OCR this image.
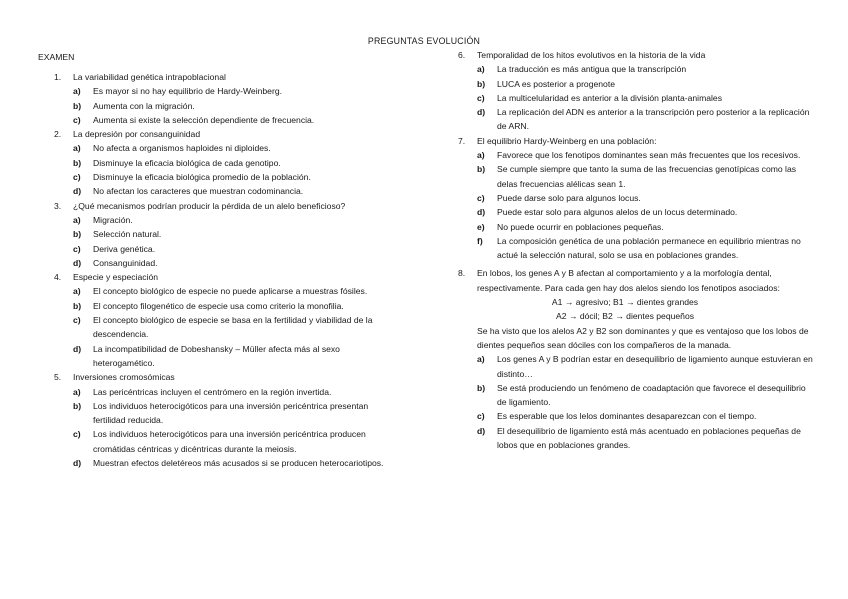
PREGUNTAS EVOLUCIÓN
EXAMEN
1. La variabilidad genética intrapoblacional
a) Es mayor si no hay equilibrio de Hardy-Weinberg.
b) Aumenta con la migración.
c) Aumenta si existe la selección dependiente de frecuencia.
2. La depresión por consanguinidad
a) No afecta a organismos haploides ni diploides.
b) Disminuye la eficacia biológica de cada genotipo.
c) Disminuye la eficacia biológica promedio de la población.
d) No afectan los caracteres que muestran codominancia.
3. ¿Qué mecanismos podrían producir la pérdida de un alelo beneficioso?
a) Migración.
b) Selección natural.
c) Deriva genética.
d) Consanguinidad.
4. Especie y especiación
a) El concepto biológico de especie no puede aplicarse a muestras fósiles.
b) El concepto filogenético de especie usa como criterio la monofilia.
c) El concepto biológico de especie se basa en la fertilidad y viabilidad de la descendencia.
d) La incompatibilidad de Dobeshansky – Müller afecta más al sexo heterogamético.
5. Inversiones cromosómicas
a) Las pericéntricas incluyen el centrómero en la región invertida.
b) Los individuos heterocigóticos para una inversión pericéntrica presentan fertilidad reducida.
c) Los individuos heterocigóticos para una inversión pericéntrica producen cromátidas céntricas y dicéntricas durante la meiosis.
d) Muestran efectos deletéreos más acusados si se producen heterocariotipos.
6. Temporalidad de los hitos evolutivos en la historia de la vida
a) La traducción es más antigua que la transcripción
b) LUCA es posterior a progenote
c) La multicelularidad es anterior a la división planta-animales
d) La replicación del ADN es anterior a la transcripción pero posterior a la replicación de ARN.
7. El equilibrio Hardy-Weinberg en una población:
a) Favorece que los fenotipos dominantes sean más frecuentes que los recesivos.
b) Se cumple siempre que tanto la suma de las frecuencias genotípicas como las delas frecuencias alélicas sean 1.
c) Puede darse solo para algunos locus.
d) Puede estar solo para algunos alelos de un locus determinado.
e) No puede ocurrir en poblaciones pequeñas.
f) La composición genética de una población permanece en equilibrio mientras no actué la selección natural, solo se usa en poblaciones grandes.
8. En lobos, los genes A y B afectan al comportamiento y a la morfología dental, respectivamente. Para cada gen hay dos alelos siendo los fenotipos asociados:
A1 → agresivo; B1 → dientes grandes
A2 → dócil; B2 → dientes pequeños
Se ha visto que los alelos A2 y B2 son dominantes y que es ventajoso que los lobos de dientes pequeños sean dóciles con los compañeros de la manada.
a) Los genes A y B podrían estar en desequilibrio de ligamiento aunque estuvieran en distinto…
b) Se está produciendo un fenómeno de coadaptación que favorece el desequilibrio de ligamiento.
c) Es esperable que los lelos dominantes desaparezcan con el tiempo.
d) El desequilibrio de ligamiento está más acentuado en poblaciones pequeñas de lobos que en poblaciones grandes.
